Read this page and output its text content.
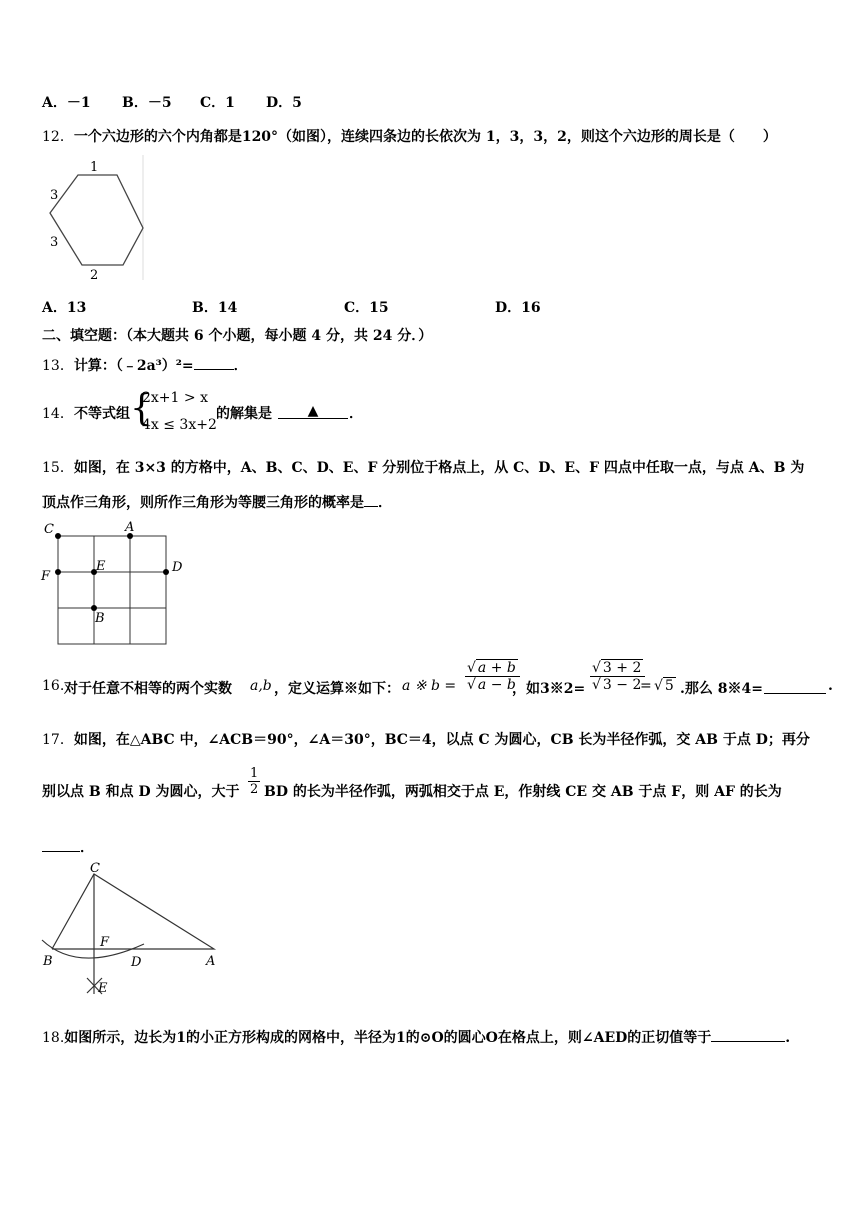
A．－1 B．－5 C．1 D．5
12．一个六边形的六个内角都是120°（如图），连续四条边的长依次为 1，3，3，2，则这个六边形的周长是（　　）
1
3
3
2
A．13	B．14	C．15	D．16
二、填空题：（本大题共 6 个小题，每小题 4 分，共 24 分．）
13．计算：（﹣2a³）²=	．
14． 不等式组 {
2x+1 > x
4x ≤ 3x+2
的解集是	▲	．
15．如图，在 3×3 的方格中，A、B、C、D、E、F 分别位于格点上，从 C、D、E、F 四点中任取一点，与点 A、B 为
顶点作三角形，则所作三角形为等腰三角形的概率是 ．
C	A
F
E	D
B
16. 对于任意不相等的两个实数 a,b ，定义运算※如下： a ※ $b = \frac{√ a + b}{√ a - b}$
，如3※2= $\frac{√ 3 + 2}{√ 3 - 2}$
= √ 5 .那么 8※4=	.
17．如图，在△ABC 中，∠ACB＝90°，∠A＝30°，BC＝4，以点 C 为圆心，CB 长为半径作弧，交 AB 于点 D；再分
别以点 B 和点 D 为圆心，大于 $\frac{1}{2}$ BD 的长为半径作弧，两弧相交于点 E，作射线 CE 交 AB 于点 F，则 AF 的长为
．
C
F
B	D	A
E
18.如图所示，边长为1的小正方形构成的网格中，半径为1的⊙O的圆心O在格点上，则∠AED的正切值等于	.
